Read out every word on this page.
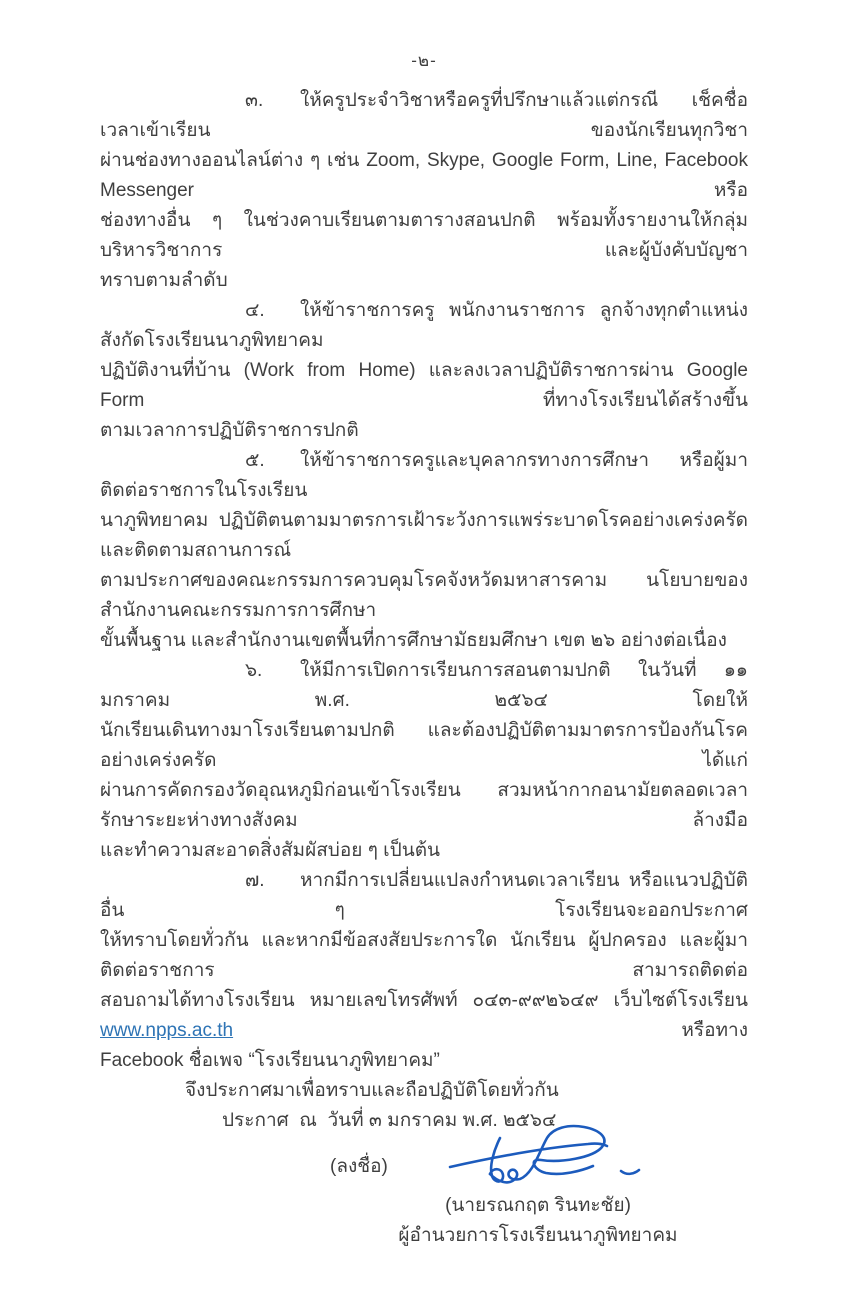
-๒-
๓. ให้ครูประจำวิชาหรือครูที่ปรึกษาแล้วแต่กรณี เช็คชื่อเวลาเข้าเรียน ของนักเรียนทุกวิชา
ผ่านช่องทางออนไลน์ต่าง ๆ เช่น Zoom, Skype, Google Form, Line, Facebook Messenger หรือ
ช่องทางอื่น ๆ ในช่วงคาบเรียนตามตารางสอนปกติ พร้อมทั้งรายงานให้กลุ่มบริหารวิชาการ และผู้บังคับบัญชา
ทราบตามลำดับ
๔. ให้ข้าราชการครู พนักงานราชการ ลูกจ้างทุกตำแหน่ง สังกัดโรงเรียนนาภูพิทยาคม
ปฏิบัติงานที่บ้าน (Work from Home) และลงเวลาปฏิบัติราชการผ่าน Google Form ที่ทางโรงเรียนได้สร้างขึ้น
ตามเวลาการปฏิบัติราชการปกติ
๕. ให้ข้าราชการครูและบุคลากรทางการศึกษา หรือผู้มาติดต่อราชการในโรงเรียน
นาภูพิทยาคม ปฏิบัติตนตามมาตรการเฝ้าระวังการแพร่ระบาดโรคอย่างเคร่งครัด และติดตามสถานการณ์
ตามประกาศของคณะกรรมการควบคุมโรคจังหวัดมหาสารคาม นโยบายของสำนักงานคณะกรรมการการศึกษา
ขั้นพื้นฐาน และสำนักงานเขตพื้นที่การศึกษามัธยมศึกษา เขต ๒๖ อย่างต่อเนื่อง
๖. ให้มีการเปิดการเรียนการสอนตามปกติ ในวันที่ ๑๑ มกราคม พ.ศ. ๒๕๖๔ โดยให้
นักเรียนเดินทางมาโรงเรียนตามปกติ และต้องปฏิบัติตามมาตรการป้องกันโรคอย่างเคร่งครัด ได้แก่
ผ่านการคัดกรองวัดอุณหภูมิก่อนเข้าโรงเรียน สวมหน้ากากอนามัยตลอดเวลา รักษาระยะห่างทางสังคม ล้างมือ
และทำความสะอาดสิ่งสัมผัสบ่อย ๆ เป็นต้น
๗. หากมีการเปลี่ยนแปลงกำหนดเวลาเรียน หรือแนวปฏิบัติอื่น ๆ โรงเรียนจะออกประกาศ
ให้ทราบโดยทั่วกัน และหากมีข้อสงสัยประการใด นักเรียน ผู้ปกครอง และผู้มาติดต่อราชการ สามารถติดต่อ
สอบถามได้ทางโรงเรียน หมายเลขโทรศัพท์ ๐๔๓-๙๙๒๖๔๙ เว็บไซต์โรงเรียน www.npps.ac.th หรือทาง
Facebook ชื่อเพจ “โรงเรียนนาภูพิทยาคม”
จึงประกาศมาเพื่อทราบและถือปฏิบัติโดยทั่วกัน
ประกาศ  ณ  วันที่ ๓ มกราคม พ.ศ. ๒๕๖๔
(ลงชื่อ)
(นายรณกฤต รินทะชัย)
ผู้อำนวยการโรงเรียนนาภูพิทยาคม
